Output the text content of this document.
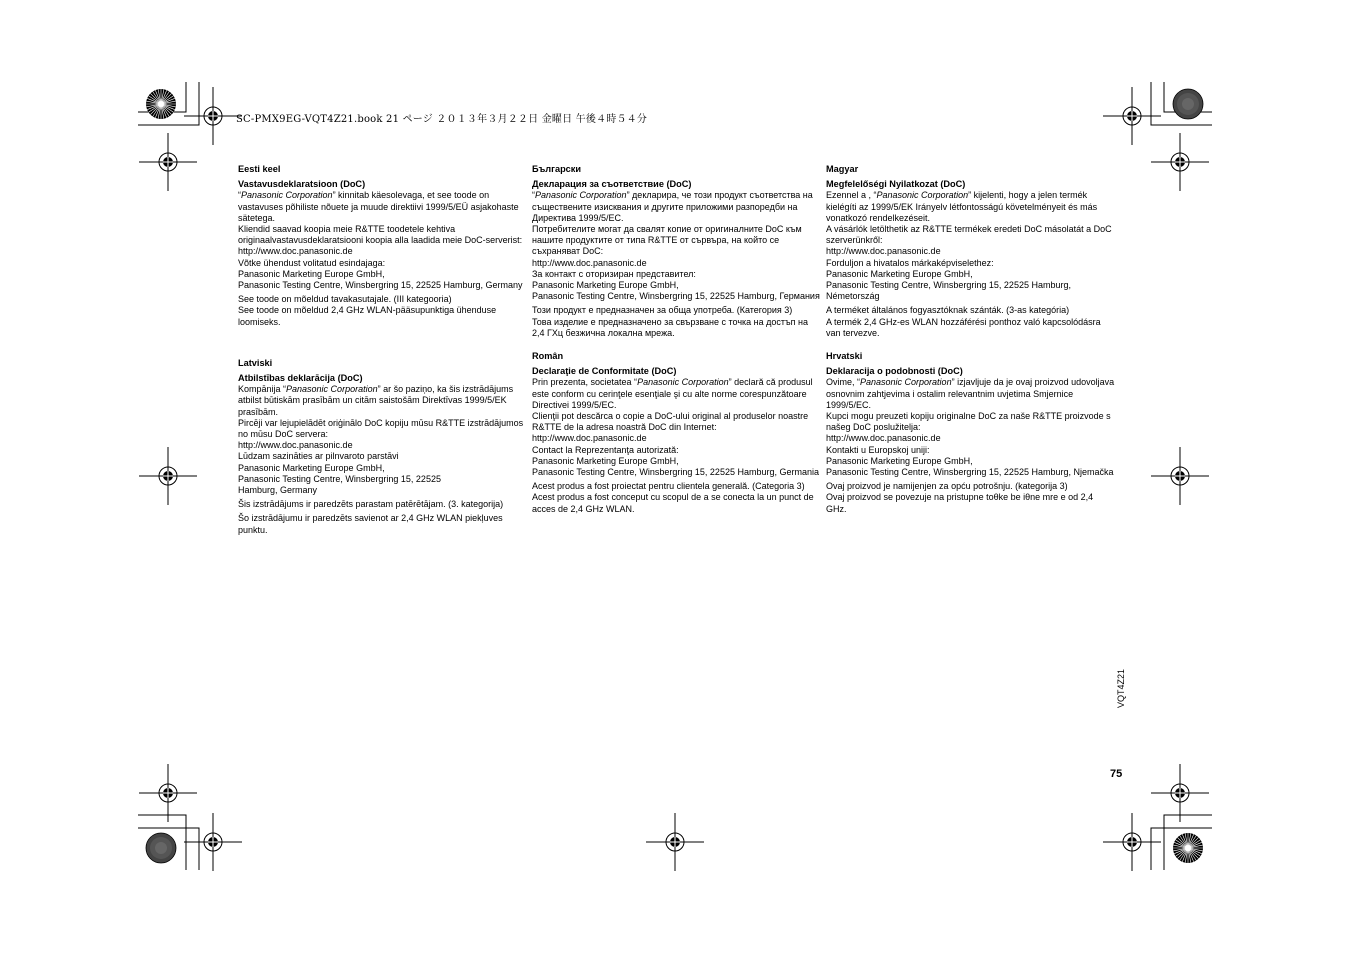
SC-PMX9EG-VQT4Z21.book 21 ページ ２０１３年３月２２日 金曜日 午後４時５４分
Eesti keel
Vastavusdeklaratsioon (DoC)

“Panasonic Corporation” kinnitab käesolevaga, et see toode on vastavuses põhiliste nõuete ja muude direktiivi 1999/5/EÜ asjakohaste sätetega.

Kliendid saavad koopia meie R&TTE toodetele kehtiva originaalvastavusdeklaratsiooni koopia alla laadida meie DoC-serverist:
http://www.doc.panasonic.de
Võtke ühendust volitatud esindajaga:
Panasonic Marketing Europe GmbH,
Panasonic Testing Centre, Winsbergring 15, 22525 Hamburg, Germany

See toode on mõeldud tavakasutajale. (III kategooria)

See toode on mõeldud 2,4 GHz WLAN-pääsupunktiga ühenduse loomiseks.

Latviski
Atbilstības deklarācija (DoC)

Kompānija “Panasonic Corporation” ar šo paziņo, ka šis izstrādājums atbilst būtiskām prasībām un citām saistošām Direktīvas 1999/5/EK prasībām.

Pircēji var lejupielādēt oriģinālo DoC kopiju mūsu R&TTE izstrādājumos no mūsu DoC servera:
http://www.doc.panasonic.de
Lūdzam sazināties ar pilnvaroto parstāvi
Panasonic Marketing Europe GmbH,
Panasonic Testing Centre, Winsbergring 15, 22525
Hamburg, Germany

Šis izstrādājums ir paredzēts parastam patērētājam. (3. kategorija)

Šo izstrādājumu ir paredzēts savienot ar 2,4 GHz WLAN piekļuves punktu.

Български
Декларация за съответствие (DoC)

“Panasonic Corporation” декларира, че този продукт съответства на съществените изисквания и другите приложими разпоредби на Директива 1999/5/EC.

Потребителите могат да свалят копие от оригиналните DoC към нашите продуктите от типа R&TTE от сървъра, на който се съхраняват DoC:
http://www.doc.panasonic.de
За контакт с оторизиран представител:
Panasonic Marketing Europe GmbH,
Panasonic Testing Centre, Winsbergring 15, 22525 Hamburg, Германия

Този продукт е предназначен за обща употреба. (Категория 3)
Това изделие е предназначено за свързване с точка на достъп на 2,4 ГХц безжична локална мрежа.

Român
Declaraţie de Conformitate (DoC)

Prin prezenta, societatea “Panasonic Corporation” declară că produsul este conform cu cerinţele esenţiale şi cu alte norme corespunzătoare Directivei 1999/5/EC.

Clienţii pot descărca o copie a DoC-ului original al produselor noastre R&TTE de la adresa noastră DoC din Internet:
http://www.doc.panasonic.de
Contact la Reprezentanţa autorizată:
Panasonic Marketing Europe GmbH,
Panasonic Testing Centre, Winsbergring 15, 22525 Hamburg, Germania

Acest produs a fost proiectat pentru clientela generală. (Categoria 3)
Acest produs a fost conceput cu scopul de a se conecta la un punct de acces de 2,4 GHz WLAN.

Magyar
Megfelelőségi Nyilatkozat (DoC)

Ezennel a , “Panasonic Corporation” kijelenti, hogy a jelen termék kielégíti az 1999/5/EK Irányelv létfontosságú követelményeit és más vonatkozó rendelkezéseit.

A vásárlók letölthetik az R&TTE termékek eredeti DoC másolatát a DoC szerverünkről:
http://www.doc.panasonic.de
Forduljon a hivatalos márkaképviselethez:
Panasonic Marketing Europe GmbH,
Panasonic Testing Centre, Winsbergring 15, 22525 Hamburg, Németország

A terméket általános fogyasztóknak szánták. (3-as kategória)
A termék 2,4 GHz-es WLAN hozzáférési ponthoz való kapcsolódásra van tervezve.

Hrvatski
Deklaracija o podobnosti (DoC)

Ovime, “Panasonic Corporation” izjavljuje da je ovaj proizvod udovoljava osnovnim zahtjevima i ostalim relevantnim uvjetima Smjernice 1999/5/EC.

Kupci mogu preuzeti kopiju originalne DoC za naše R&TTE proizvode s našeg DoC poslužitelja:
http://www.doc.panasonic.de
Kontakti u Europskoj uniji:
Panasonic Marketing Europe GmbH,
Panasonic Testing Centre, Winsbergring 15, 22525 Hamburg, Njemačka

Ovaj proizvod je namijenjen za opću potrošnju. (kategorija 3)
Ovaj proizvod se povezuje na pristupne toθke be iθne mre e od 2,4 GHz.

VQT4Z21
75
